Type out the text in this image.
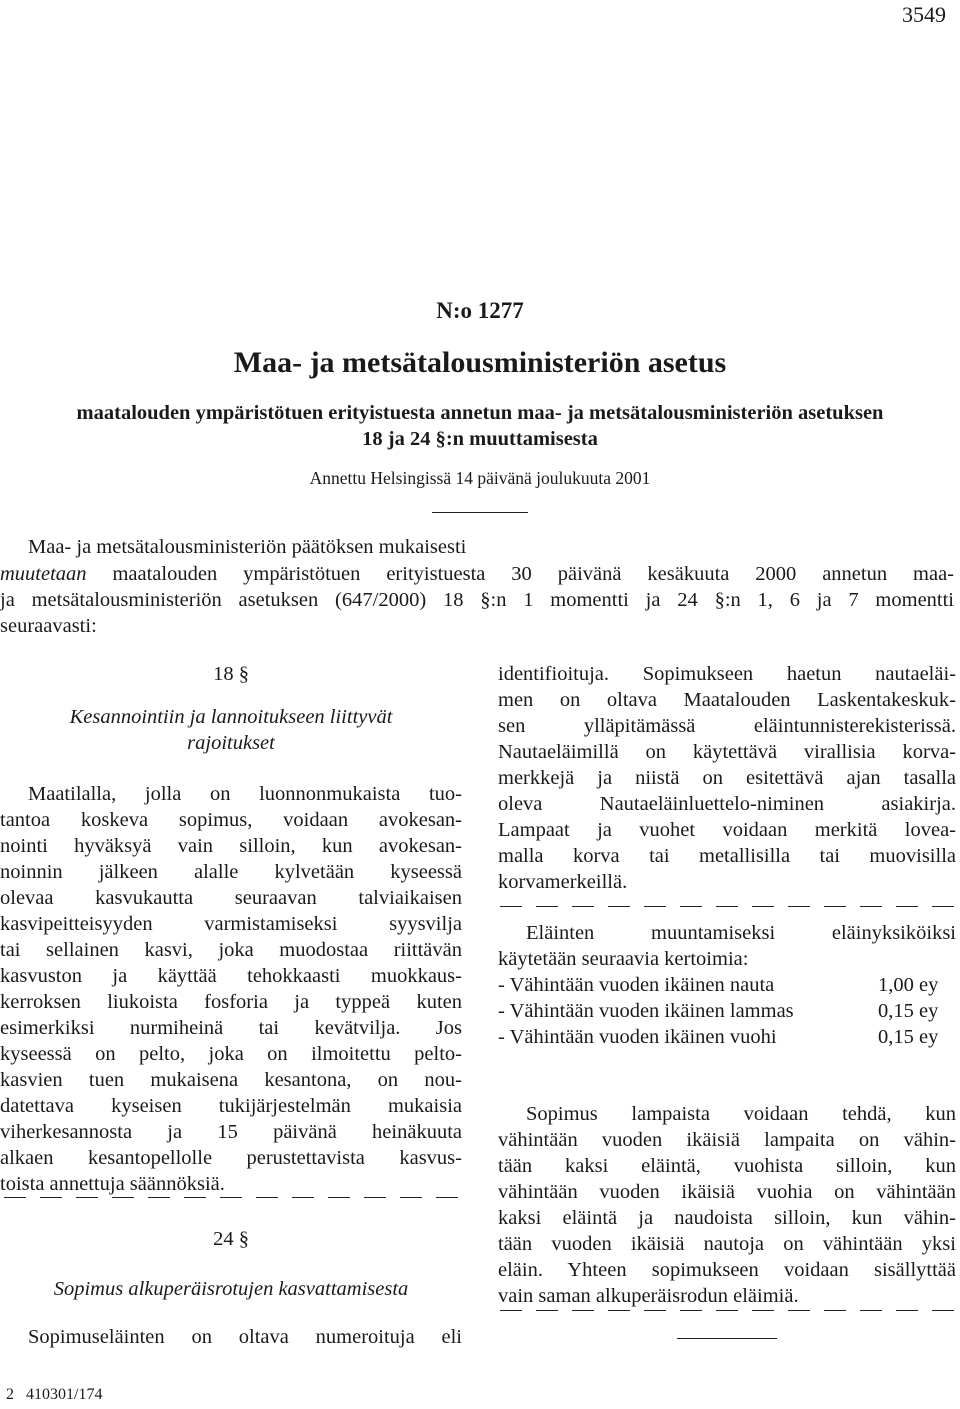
3549
N:o 1277
Maa- ja metsätalousministeriön asetus
maatalouden ympäristötuen erityistuesta annetun maa- ja metsätalousministeriön asetuksen
18 ja 24 §:n muuttamisesta
Annettu Helsingissä 14 päivänä joulukuuta 2001
Maa- ja metsätalousministeriön päätöksen mukaisesti
muutetaan maatalouden ympäristötuen erityistuesta 30 päivänä kesäkuuta 2000 annetun maa-
ja metsätalousministeriön asetuksen (647/2000) 18 §:n 1 momentti ja 24 §:n 1, 6 ja 7 momentti
seuraavasti:
18 §
Kesannointiin ja lannoitukseen liittyvät
rajoitukset
Maatilalla, jolla on luonnonmukaista tuo-
tantoa koskeva sopimus, voidaan avokesan-
nointi hyväksyä vain silloin, kun avokesan-
noinnin jälkeen alalle kylvetään kyseessä
olevaa kasvukautta seuraavan talviaikaisen
kasvipeitteisyyden varmistamiseksi syysvilja
tai sellainen kasvi, joka muodostaa riittävän
kasvuston ja käyttää tehokkaasti muokkaus-
kerroksen liukoista fosforia ja typpeä kuten
esimerkiksi nurmiheinä tai kevätvilja. Jos
kyseessä on pelto, joka on ilmoitettu pelto-
kasvien tuen mukaisena kesantona, on nou-
datettava kyseisen tukijärjestelmän mukaisia
viherkesannosta ja 15 päivänä heinäkuuta
alkaen kesantopellolle perustettavista kasvus-
toista annettuja säännöksiä.
24 §
Sopimus alkuperäisrotujen kasvattamisesta
Sopimuseläinten on oltava numeroituja eli
identifioituja. Sopimukseen haetun nautaeläi-
men on oltava Maatalouden Laskentakeskuk-
sen ylläpitämässä eläintunnisterekisterissä.
Nautaeläimillä on käytettävä virallisia korva-
merkkejä ja niistä on esitettävä ajan tasalla
oleva Nautaeläinluettelo-niminen asiakirja.
Lampaat ja vuohet voidaan merkitä lovea-
malla korva tai metallisilla tai muovisilla
korvamerkeillä.
Eläinten muuntamiseksi eläinyksiköiksi
käytetään seuraavia kertoimia:
- Vähintään vuoden ikäinen nauta	1,00 ey
- Vähintään vuoden ikäinen lammas	0,15 ey
- Vähintään vuoden ikäinen vuohi	0,15 ey
Sopimus lampaista voidaan tehdä, kun
vähintään vuoden ikäisiä lampaita on vähin-
tään kaksi eläintä, vuohista silloin, kun
vähintään vuoden ikäisiä vuohia on vähintään
kaksi eläintä ja naudoista silloin, kun vähin-
tään vuoden ikäisiä nautoja on vähintään yksi
eläin. Yhteen sopimukseen voidaan sisällyttää
vain saman alkuperäisrodun eläimiä.
2   410301/174
